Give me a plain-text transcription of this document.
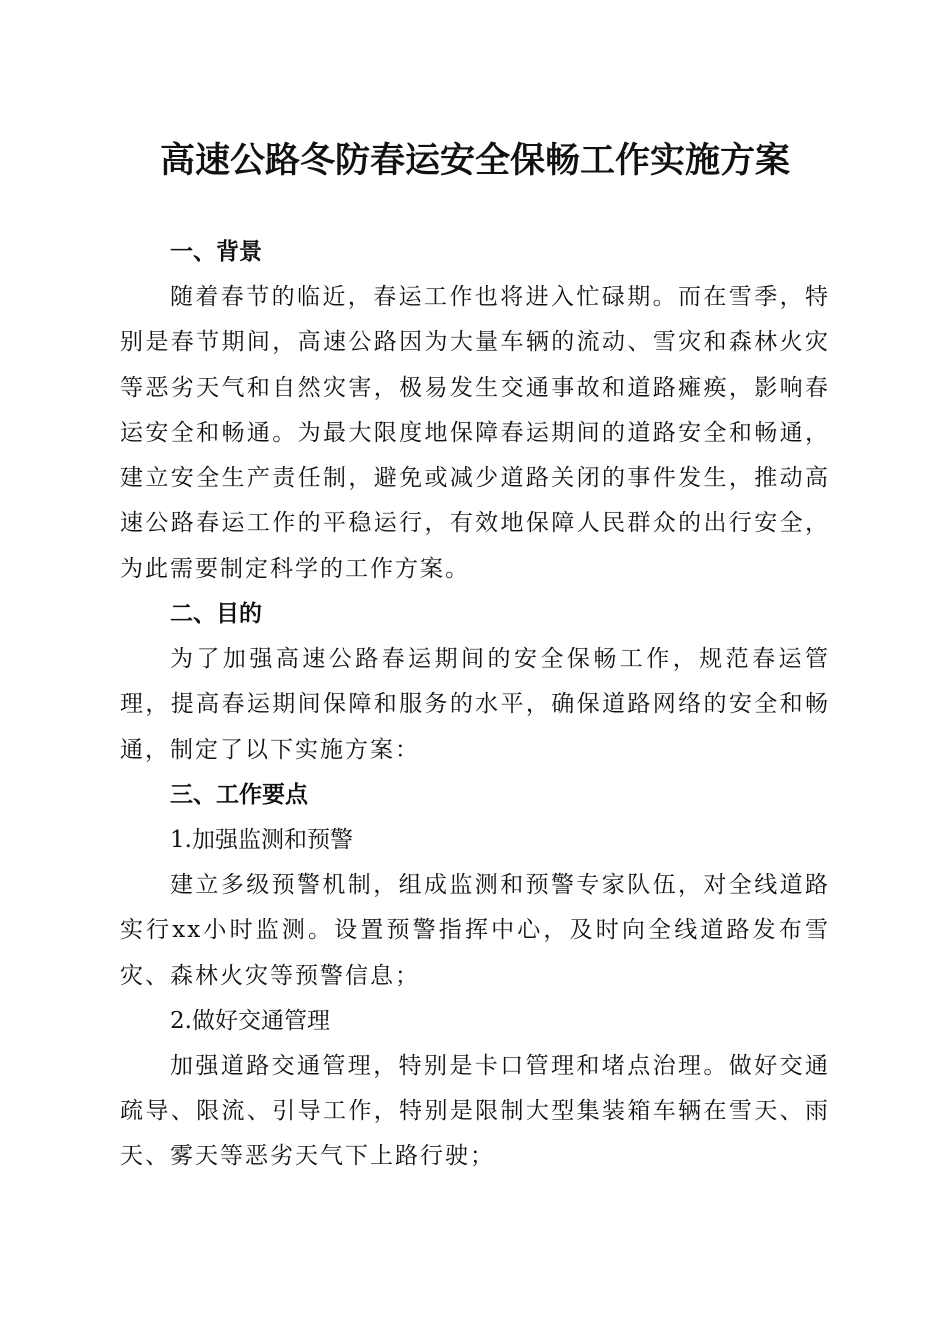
高速公路冬防春运安全保畅工作实施方案

一、背景

随着春节的临近，春运工作也将进入忙碌期。而在雪季，特别是春节期间，高速公路因为大量车辆的流动、雪灾和森林火灾等恶劣天气和自然灾害，极易发生交通事故和道路瘫痪，影响春运安全和畅通。为最大限度地保障春运期间的道路安全和畅通，建立安全生产责任制，避免或减少道路关闭的事件发生，推动高速公路春运工作的平稳运行，有效地保障人民群众的出行安全，为此需要制定科学的工作方案。

二、目的

为了加强高速公路春运期间的安全保畅工作，规范春运管理，提高春运期间保障和服务的水平，确保道路网络的安全和畅通，制定了以下实施方案：

三、工作要点

1.加强监测和预警

建立多级预警机制，组成监测和预警专家队伍，对全线道路实行xx小时监测。设置预警指挥中心，及时向全线道路发布雪灾、森林火灾等预警信息；

2.做好交通管理

加强道路交通管理，特别是卡口管理和堵点治理。做好交通疏导、限流、引导工作，特别是限制大型集装箱车辆在雪天、雨天、雾天等恶劣天气下上路行驶；
